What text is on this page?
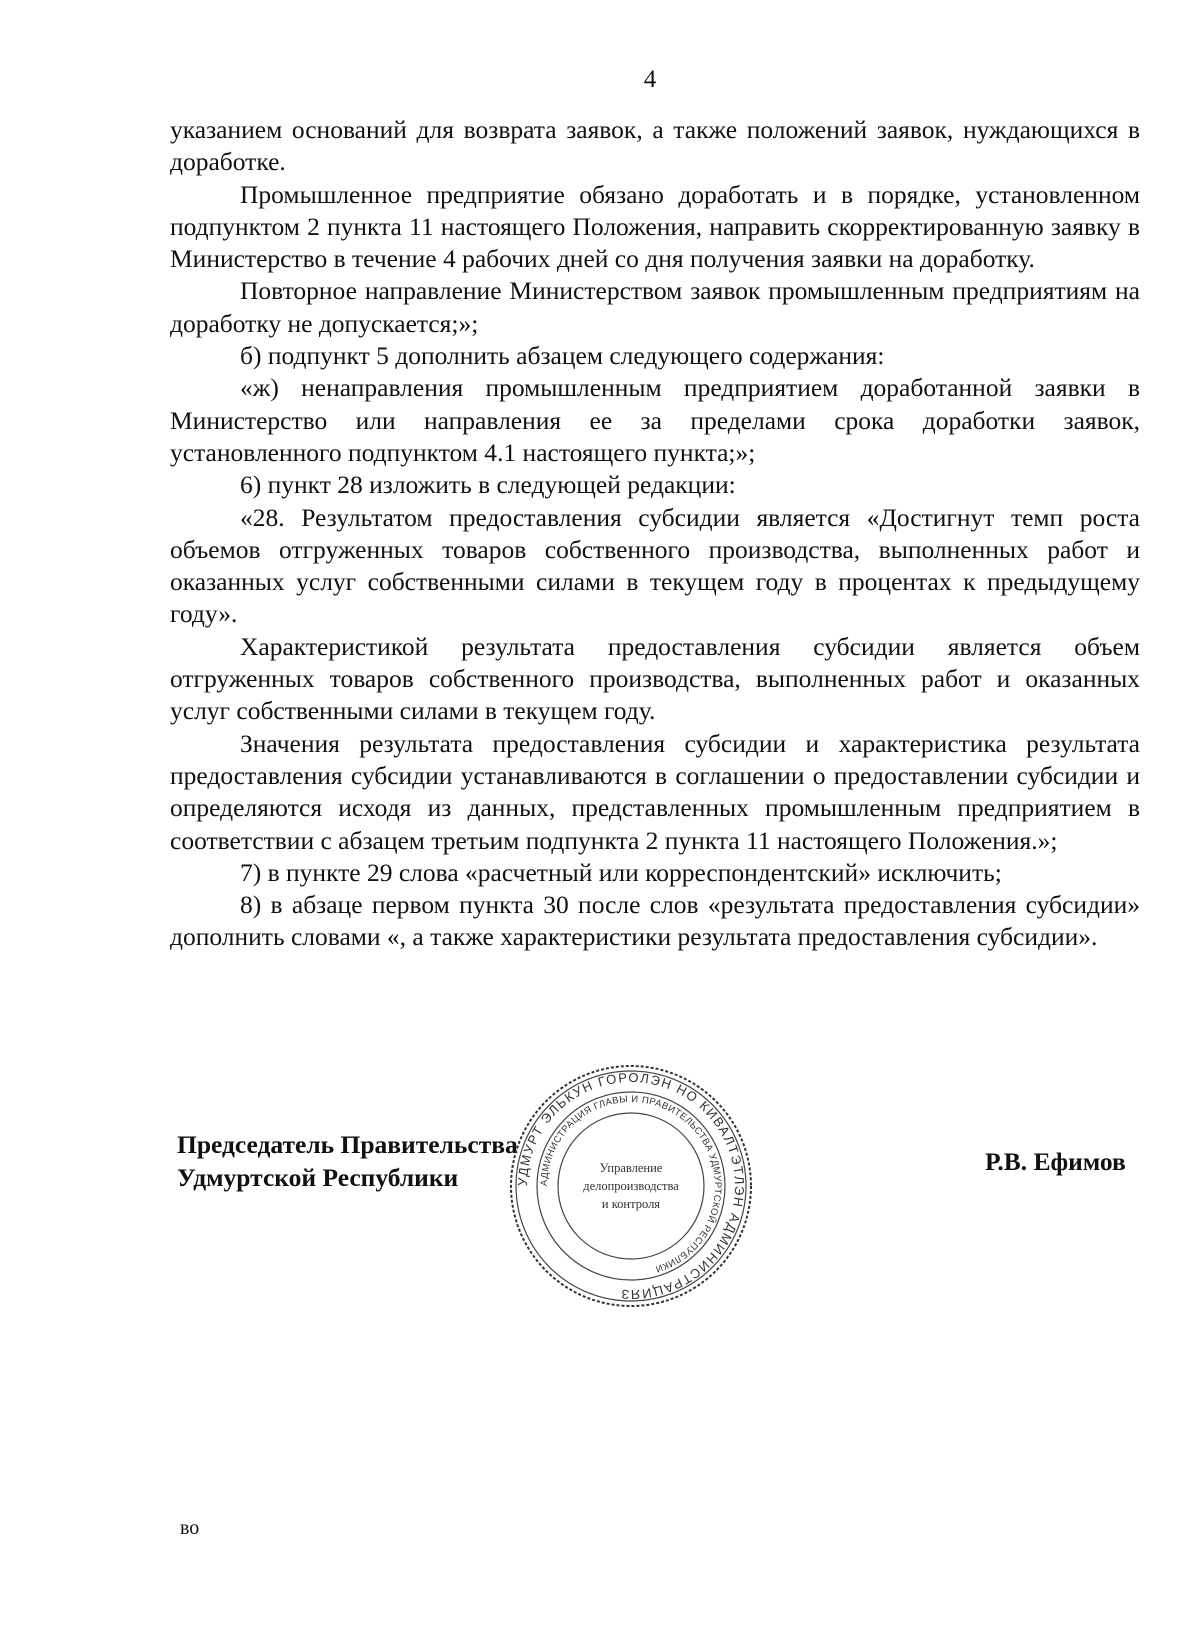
4

указанием оснований для возврата заявок, а также положений заявок, нуждающихся в доработке.

Промышленное предприятие обязано доработать и в порядке, установленном подпунктом 2 пункта 11 настоящего Положения, направить скорректированную заявку в Министерство в течение 4 рабочих дней со дня получения заявки на доработку.

Повторное направление Министерством заявок промышленным предприятиям на доработку не допускается;»;

б) подпункт 5 дополнить абзацем следующего содержания:

«ж) ненаправления промышленным предприятием доработанной заявки в Министерство или направления ее за пределами срока доработки заявок, установленного подпунктом 4.1 настоящего пункта;»;

6) пункт 28 изложить в следующей редакции:

«28. Результатом предоставления субсидии является «Достигнут темп роста объемов отгруженных товаров собственного производства, выполненных работ и оказанных услуг собственными силами в текущем году в процентах к предыдущему году».

Характеристикой результата предоставления субсидии является объем отгруженных товаров собственного производства, выполненных работ и оказанных услуг собственными силами в текущем году.

Значения результата предоставления субсидии и характеристика результата предоставления субсидии устанавливаются в соглашении о предоставлении субсидии и определяются исходя из данных, представленных промышленным предприятием в соответствии с абзацем третьим подпункта 2 пункта 11 настоящего Положения.»;

7) в пункте 29 слова «расчетный или корреспондентский» исключить;

8) в абзаце первом пункта 30 после слов «результата предоставления субсидии» дополнить словами «, а также характеристики результата предоставления субсидии».

Председатель Правительства
Удмуртской Республики
Р.В. Ефимов
УДМУРТ ЭЛЬКУН ГОРОЛЭН НО КИВАЛТЭТЛЭН АДМИНИСТРАЦИЯЗ
АДМИНИСТРАЦИЯ ГЛАВЫ И ПРАВИТЕЛЬСТВА УДМУРТСКОЙ РЕСПУБЛИКИ
Управление
делопроизводства
и контроля
во
